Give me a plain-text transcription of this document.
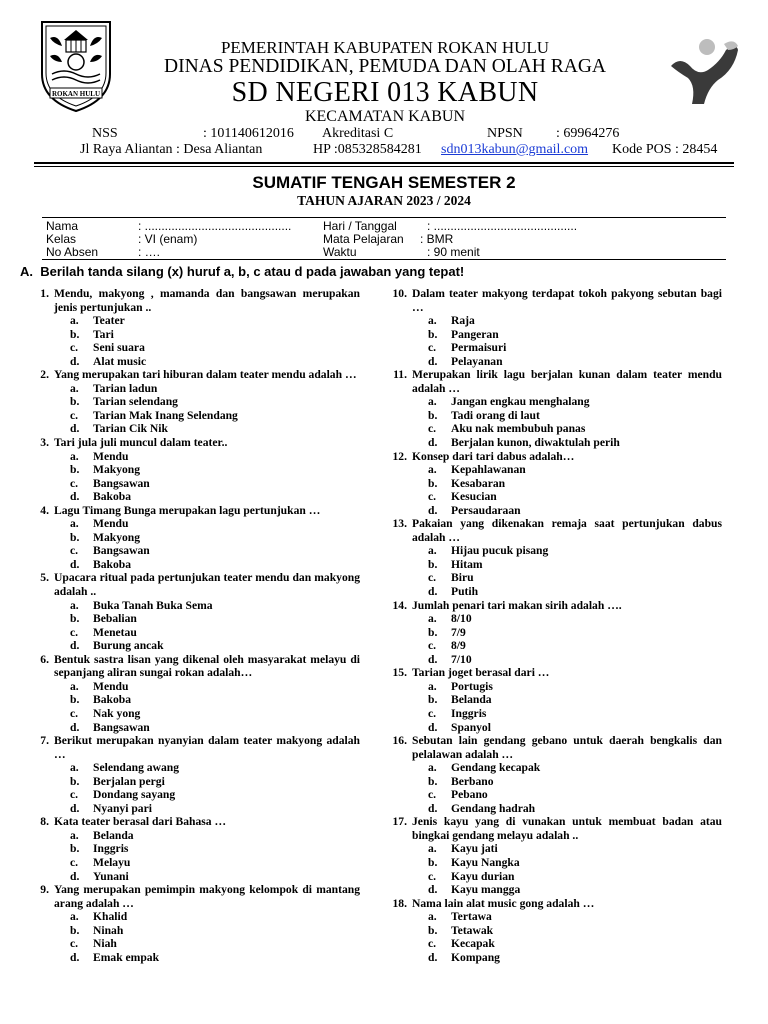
ROKAN HULU
PEMERINTAH KABUPATEN ROKAN HULU
DINAS PENDIDIKAN, PEMUDA DAN OLAH RAGA
SD NEGERI 013 KABUN
KECAMATAN KABUN
NSS	: 101140612016 Akreditasi C	NPSN : 69964276
Jl Raya Aliantan : Desa Aliantan	HP :085328584281 sdn013kabun@gmail.com Kode POS : 28454
SUMATIF TENGAH SEMESTER 2
TAHUN AJARAN 2023 / 2024
Nama	: ............................................	Hari / Tanggal	: ...........................................
Kelas	: VI (enam)	Mata Pelajaran : BMR
No Absen	: ….	Waktu	: 90 menit
A. Berilah tanda silang (x) huruf a, b, c atau d pada jawaban yang tepat!
1. Mendu, makyong , mamanda dan bangsawan merupakan jenis pertunjukan ..
a.	Teater
b.	Tari
c.	Seni suara
d.	Alat music
2. Yang merupakan tari hiburan dalam teater mendu adalah …
a.	Tarian ladun
b.	Tarian selendang
c.	Tarian Mak Inang Selendang
d.	Tarian Cik Nik
3. Tari jula juli muncul dalam teater..
a.	Mendu
b.	Makyong
c.	Bangsawan
d.	Bakoba
4. Lagu Timang Bunga merupakan lagu pertunjukan …
a.	Mendu
b.	Makyong
c.	Bangsawan
d.	Bakoba
5. Upacara ritual pada pertunjukan teater mendu dan makyong adalah ..
a.	Buka Tanah Buka Sema
b.	Bebalian
c.	Menetau
d.	Burung ancak
6. Bentuk sastra lisan yang dikenal oleh masyarakat melayu di sepanjang aliran sungai rokan adalah…
a.	Mendu
b.	Bakoba
c.	Nak yong
d.	Bangsawan
7. Berikut merupakan nyanyian dalam teater makyong adalah …
a.	Selendang awang
b.	Berjalan pergi
c.	Dondang sayang
d.	Nyanyi pari
8. Kata teater berasal dari Bahasa …
a.	Belanda
b.	Inggris
c.	Melayu
d.	Yunani
9. Yang merupakan pemimpin makyong kelompok di mantang arang adalah …
a.	Khalid
b.	Ninah
c.	Niah
d.	Emak empak
10. Dalam teater makyong terdapat tokoh pakyong sebutan bagi …
a.	Raja
b.	Pangeran
c.	Permaisuri
d.	Pelayanan
11. Merupakan lirik lagu berjalan kunan dalam teater mendu adalah …
a.	Jangan engkau menghalang
b.	Tadi orang di laut
c.	Aku nak membubuh panas
d.	Berjalan kunon, diwaktulah perih
12. Konsep dari tari dabus adalah…
a.	Kepahlawanan
b.	Kesabaran
c.	Kesucian
d.	Persaudaraan
13. Pakaian yang dikenakan remaja saat pertunjukan dabus adalah …
a.	Hijau pucuk pisang
b.	Hitam
c.	Biru
d.	Putih
14. Jumlah penari tari makan sirih adalah ….
a.	8/10
b.	7/9
c.	8/9
d.	7/10
15. Tarian joget berasal dari …
a.	Portugis
b.	Belanda
c.	Inggris
d.	Spanyol
16. Sebutan lain gendang gebano untuk daerah bengkalis dan pelalawan adalah …
a.	Gendang kecapak
b.	Berbano
c.	Pebano
d.	Gendang hadrah
17. Jenis kayu yang di vunakan untuk membuat badan atau bingkai gendang melayu adalah ..
a.	Kayu jati
b.	Kayu Nangka
c.	Kayu durian
d.	Kayu mangga
18. Nama lain alat music gong adalah …
a.	Tertawa
b.	Tetawak
c.	Kecapak
d.	Kompang
